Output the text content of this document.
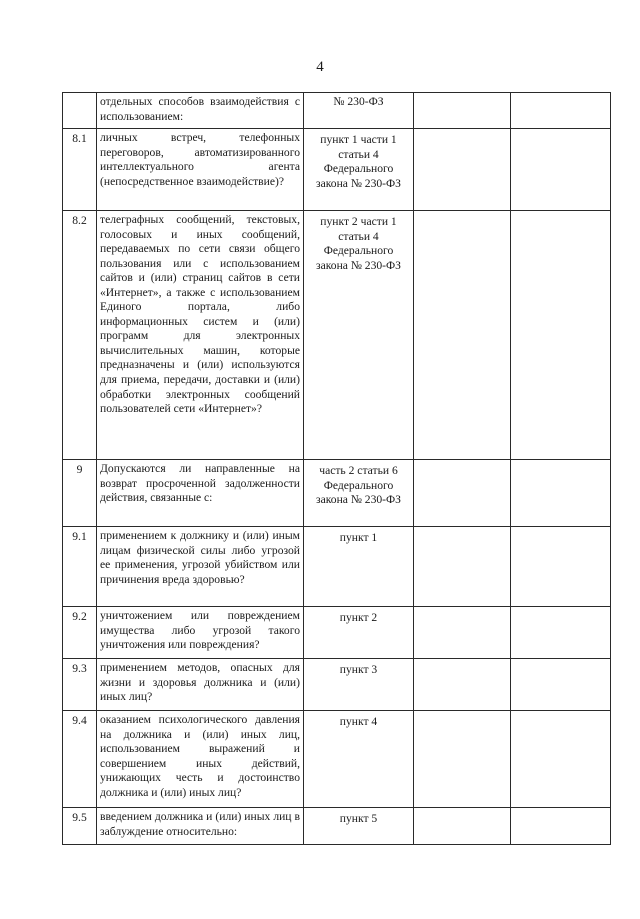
4
	отдельных способов взаимодействия с использованием:	№ 230-ФЗ		
8.1	личных встреч, телефонных переговоров, автоматизированного интеллектуального агента (непосредственное взаимодействие)?	пункт 1 части 1 статьи 4 Федерального закона № 230-ФЗ		
8.2	телеграфных сообщений, текстовых, голосовых и иных сообщений, передаваемых по сети связи общего пользования или с использованием сайтов и (или) страниц сайтов в сети «Интернет», а также с использованием Единого портала, либо информационных систем и (или) программ для электронных вычислительных машин, которые предназначены и (или) используются для приема, передачи, доставки и (или) обработки электронных сообщений пользователей сети «Интернет»?	пункт 2 части 1 статьи 4 Федерального закона № 230-ФЗ		
9	Допускаются ли направленные на возврат просроченной задолженности действия, связанные с:	часть 2 статьи 6 Федерального закона № 230-ФЗ		
9.1	применением к должнику и (или) иным лицам физической силы либо угрозой ее применения, угрозой убийством или причинения вреда здоровью?	пункт 1		
9.2	уничтожением или повреждением имущества либо угрозой такого уничтожения или повреждения?	пункт 2		
9.3	применением методов, опасных для жизни и здоровья должника и (или) иных лиц?	пункт 3		
9.4	оказанием психологического давления на должника и (или) иных лиц, использованием выражений и совершением иных действий, унижающих честь и достоинство должника и (или) иных лиц?	пункт 4		
9.5	введением должника и (или) иных лиц в заблуждение относительно:	пункт 5		
